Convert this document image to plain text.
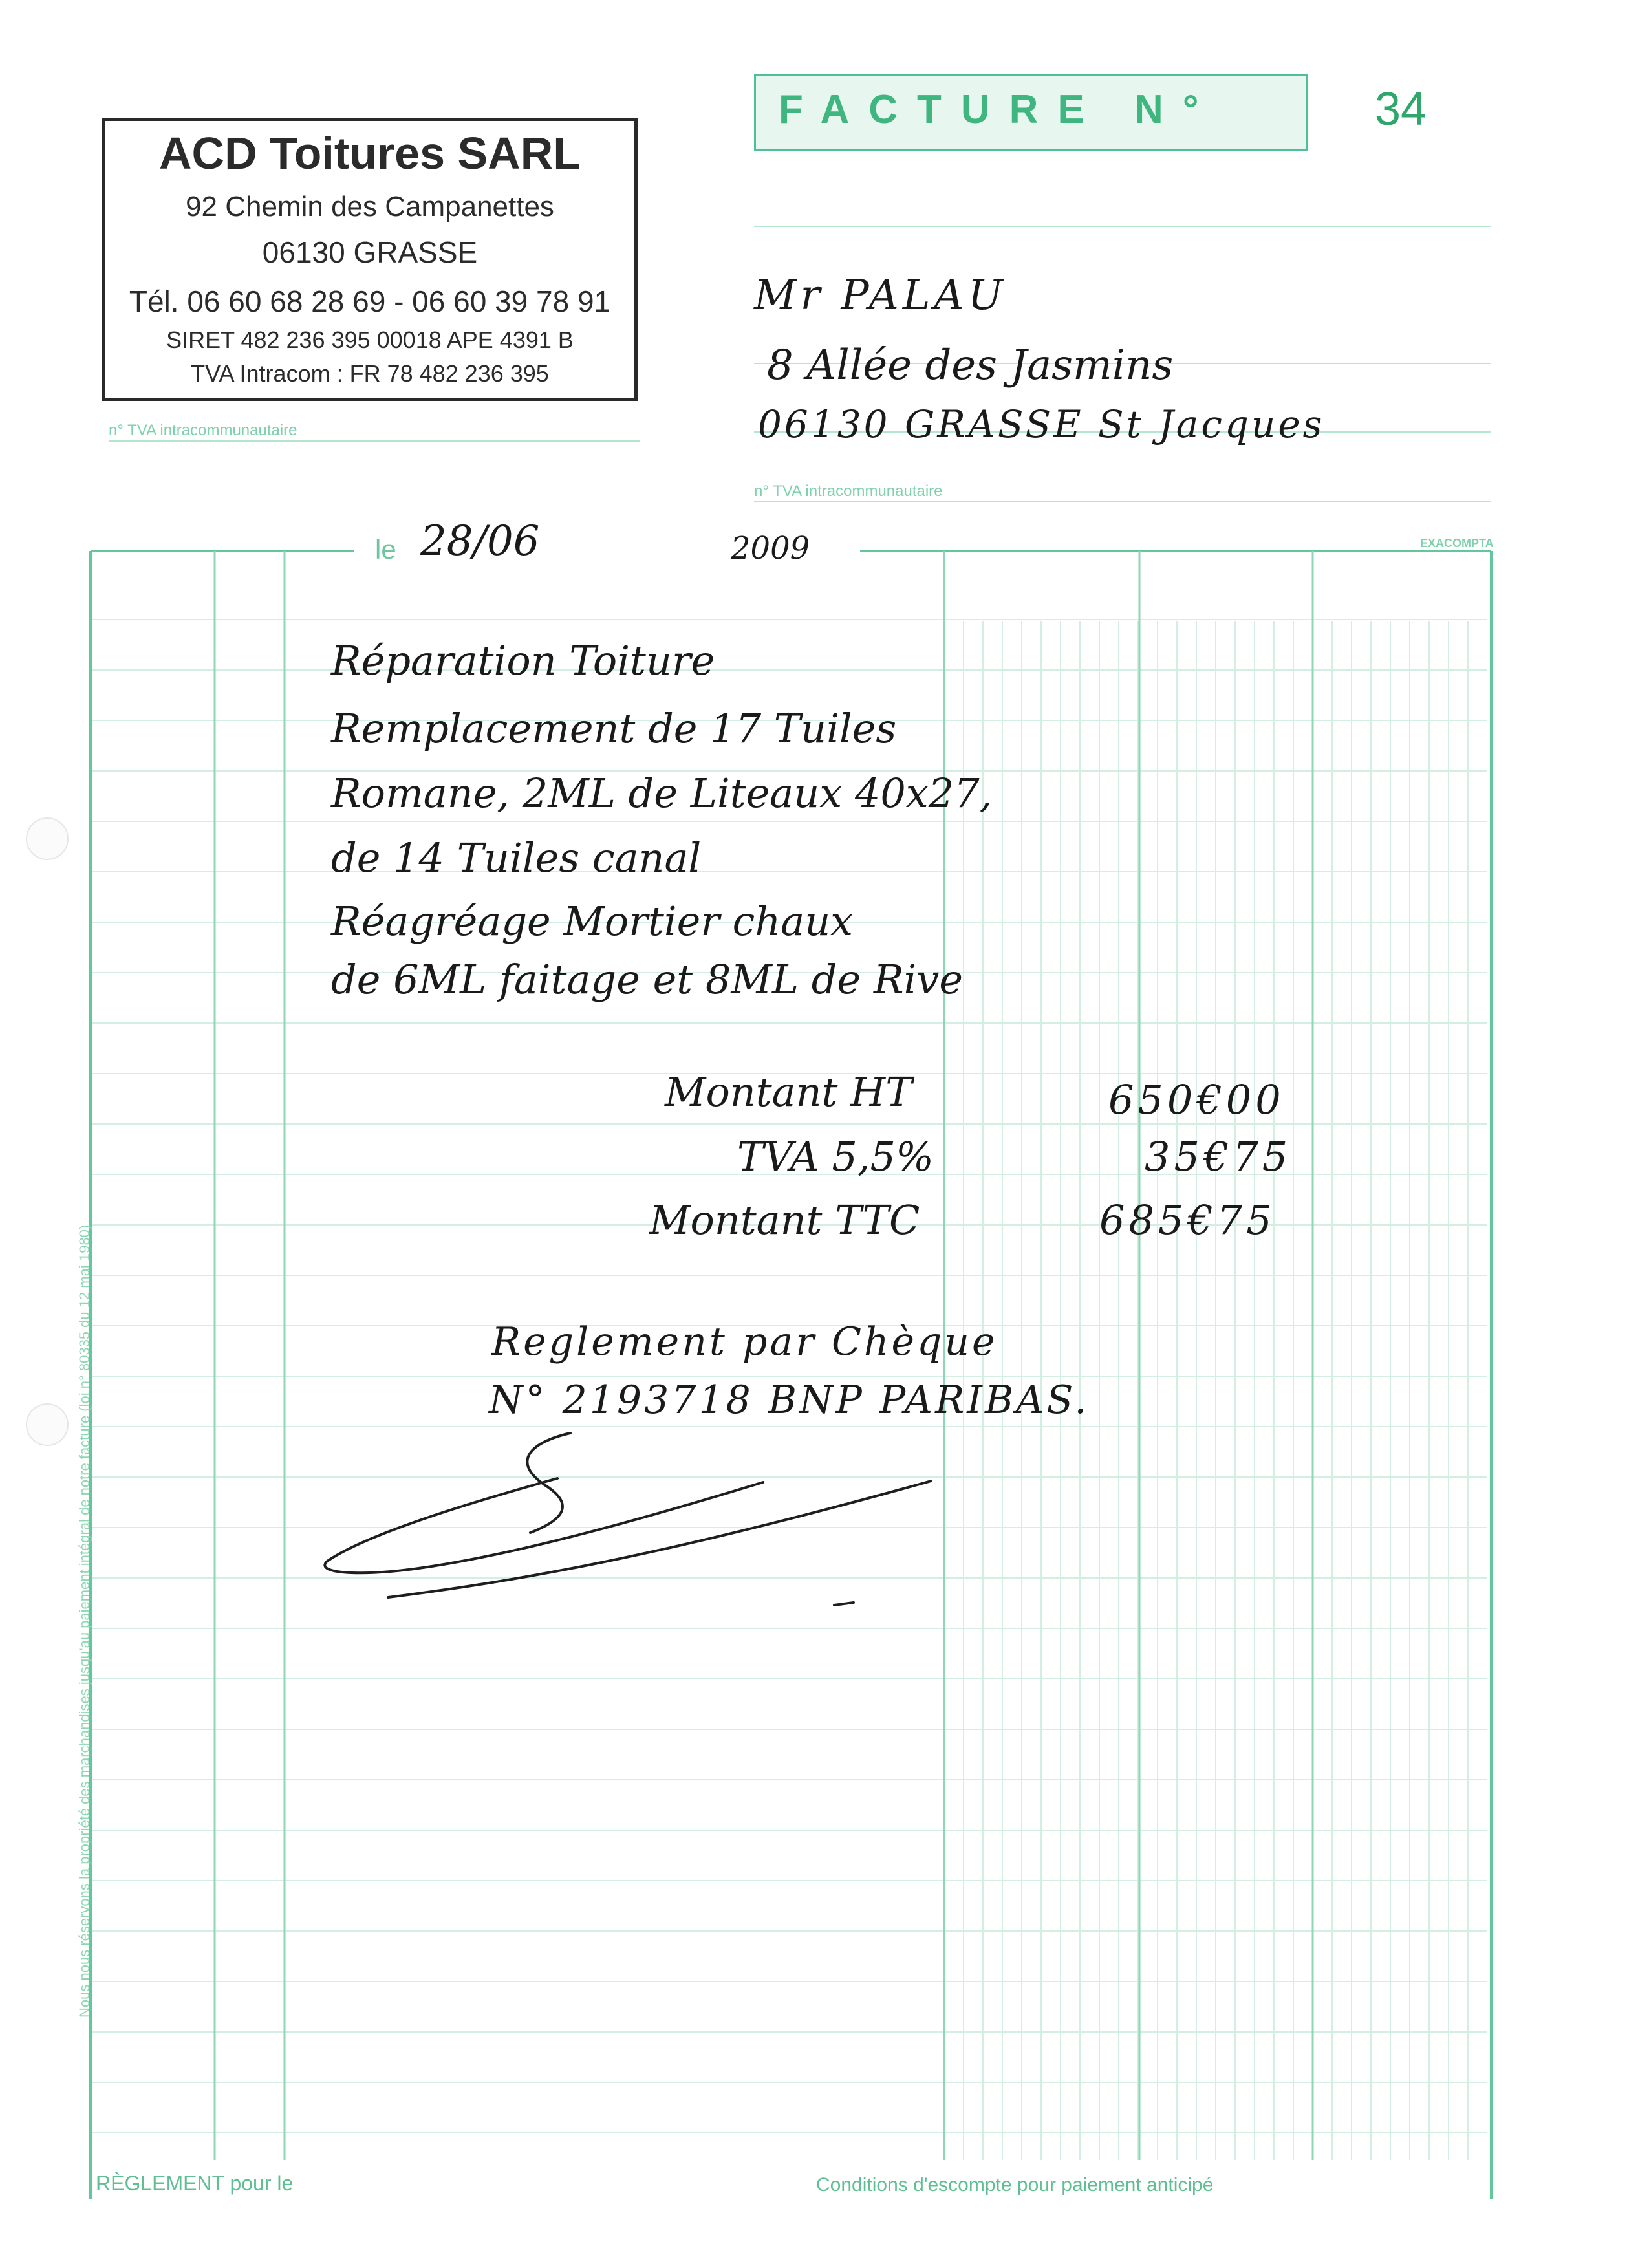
ACD Toitures SARL
92 Chemin des Campanettes
06130 GRASSE
Tél. 06 60 68 28 69 - 06 60 39 78 91
SIRET 482 236 395 00018 APE 4391 B
TVA Intracom : FR 78 482 236 395
n° TVA intracommunautaire
FACTURE N°	34
Mr PALAU
8 Allée des Jasmins
06130 GRASSE St Jacques
n° TVA intracommunautaire
EXACOMPTA
le 28/06	2009
Réparation Toiture
Remplacement de 17 Tuiles
Romane, 2ML de Liteaux 40x27,
de 14 Tuiles canal
Réagréage Mortier chaux
de 6ML faitage et 8ML de Rive
Montant HT	650€00
TVA 5,5%	35€75
Montant TTC	685€75
Reglement par Chèque
N° 2193718 BNP PARIBAS.
Nous nous réservons la propriété des marchandises jusqu'au paiement intégral de notre facture (loi n° 80335 du 12 mai 1980)
RÈGLEMENT pour le	Conditions d'escompte pour paiement anticipé
